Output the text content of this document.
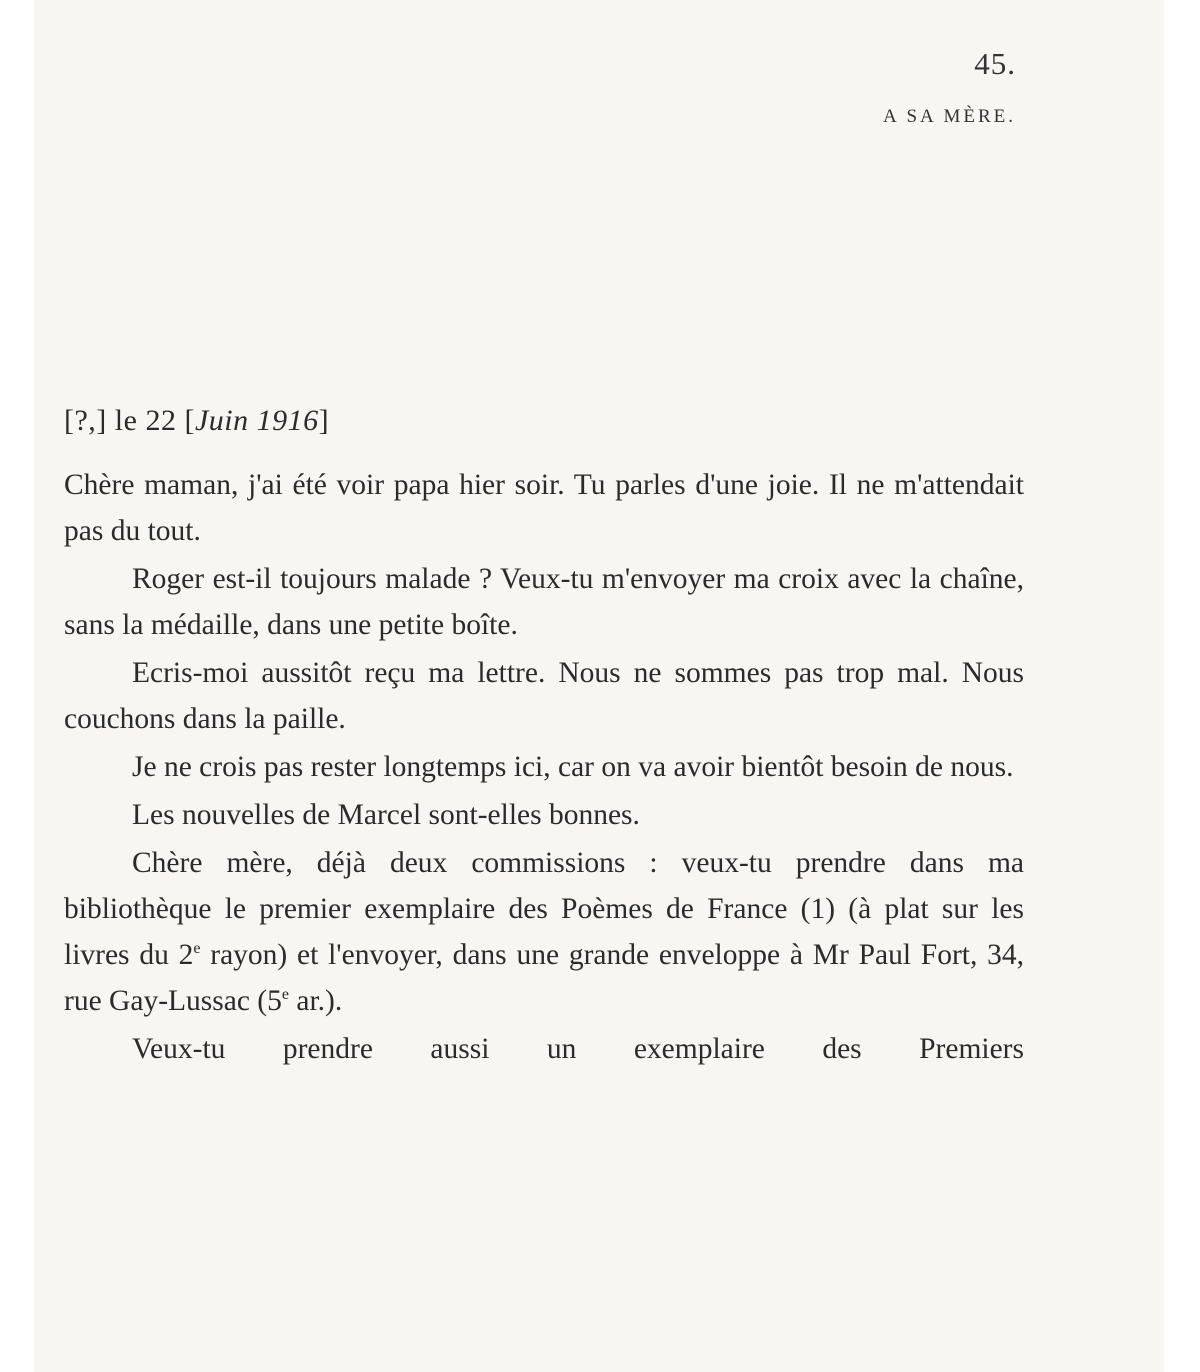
45.
A SA MÈRE.
[?,] le 22 [Juin 1916]

Chère maman, j'ai été voir papa hier soir. Tu parles d'une joie. Il ne m'attendait pas du tout.

Roger est-il toujours malade ? Veux-tu m'envoyer ma croix avec la chaîne, sans la médaille, dans une petite boîte.

Ecris-moi aussitôt reçu ma lettre. Nous ne sommes pas trop mal. Nous couchons dans la paille.

Je ne crois pas rester longtemps ici, car on va avoir bientôt besoin de nous.

Les nouvelles de Marcel sont-elles bonnes.

Chère mère, déjà deux commissions : veux-tu prendre dans ma bibliothèque le premier exemplaire des Poèmes de France (1) (à plat sur les livres du 2e rayon) et l'envoyer, dans une grande enveloppe à Mr Paul Fort, 34, rue Gay-Lussac (5e ar.).

Veux-tu prendre aussi un exemplaire des Premiers
